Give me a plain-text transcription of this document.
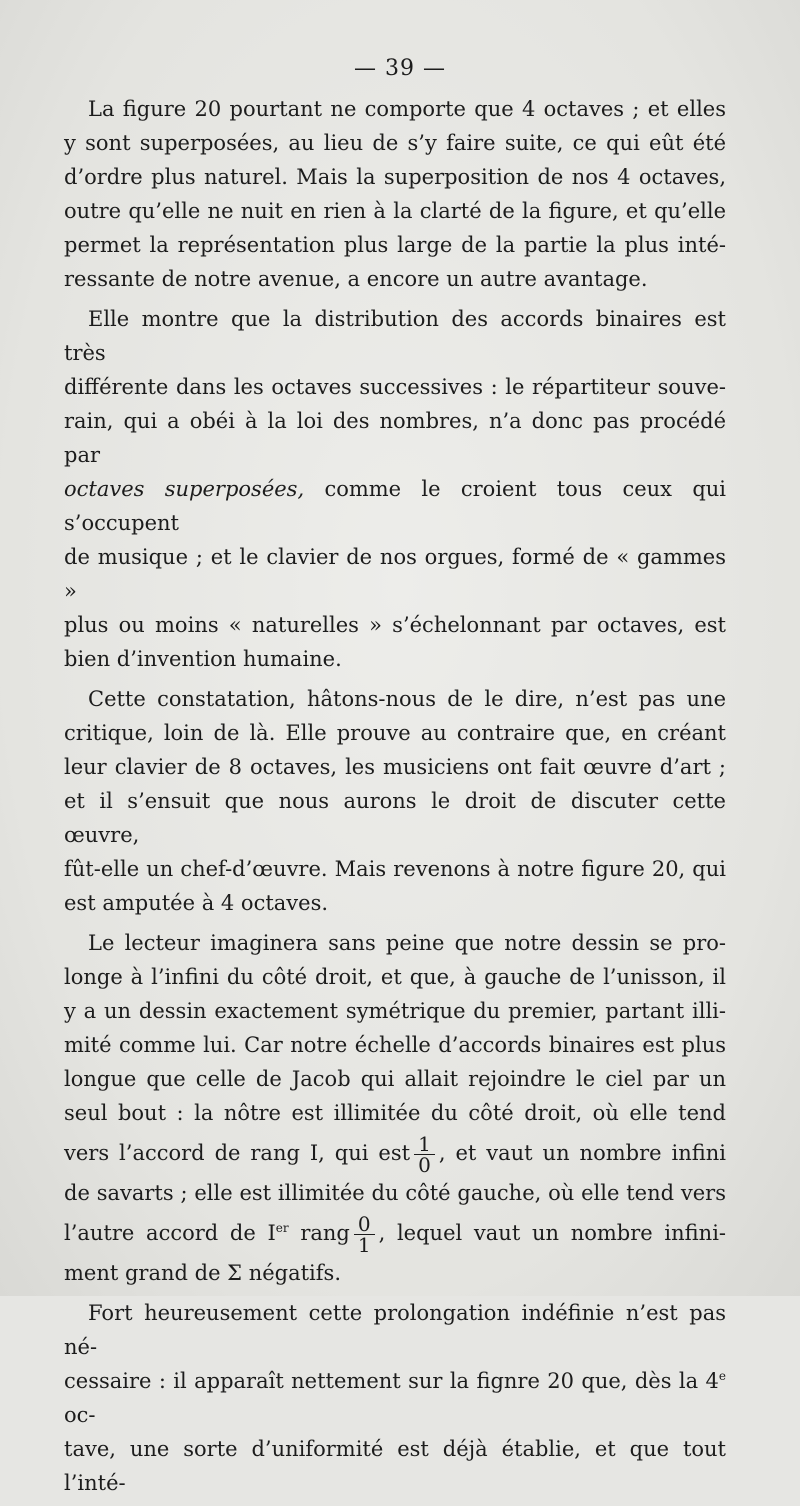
— 39 —

La figure 20 pourtant ne comporte que 4 octaves ; et elles
y sont superposées, au lieu de s’y faire suite, ce qui eût été
d’ordre plus naturel. Mais la superposition de nos 4 octaves,
outre qu’elle ne nuit en rien à la clarté de la figure, et qu’elle
permet la représentation plus large de la partie la plus inté-
ressante de notre avenue, a encore un autre avantage.

Elle montre que la distribution des accords binaires est très
différente dans les octaves successives : le répartiteur souve-
rain, qui a obéi à la loi des nombres, n’a donc pas procédé par
octaves superposées, comme le croient tous ceux qui s’occupent
de musique ; et le clavier de nos orgues, formé de « gammes »
plus ou moins « naturelles » s’échelonnant par octaves, est
bien d’invention humaine.

Cette constatation, hâtons-nous de le dire, n’est pas une
critique, loin de là. Elle prouve au contraire que, en créant
leur clavier de 8 octaves, les musiciens ont fait œuvre d’art ;
et il s’ensuit que nous aurons le droit de discuter cette œuvre,
fût-elle un chef-d’œuvre. Mais revenons à notre figure 20, qui
est amputée à 4 octaves.

Le lecteur imaginera sans peine que notre dessin se pro-
longe à l’infini du côté droit, et que, à gauche de l’unisson, il
y a un dessin exactement symétrique du premier, partant illi-
mité comme lui. Car notre échelle d’accords binaires est plus
longue que celle de Jacob qui allait rejoindre le ciel par un
seul bout : la nôtre est illimitée du côté droit, où elle tend
vers l’accord de rang I, qui est $\frac{1}{0}$ , et vaut un nombre infini
de savarts ; elle est illimitée du côté gauche, où elle tend vers
l’autre accord de Ier rang $\frac{0}{1}$ , lequel vaut un nombre infini-
ment grand de Σ négatifs.

Fort heureusement cette prolongation indéfinie n’est pas né-
cessaire : il apparaît nettement sur la fignre 20 que, dès la 4e oc-
tave, une sorte d’uniformité est déjà établie, et que tout l’inté-
